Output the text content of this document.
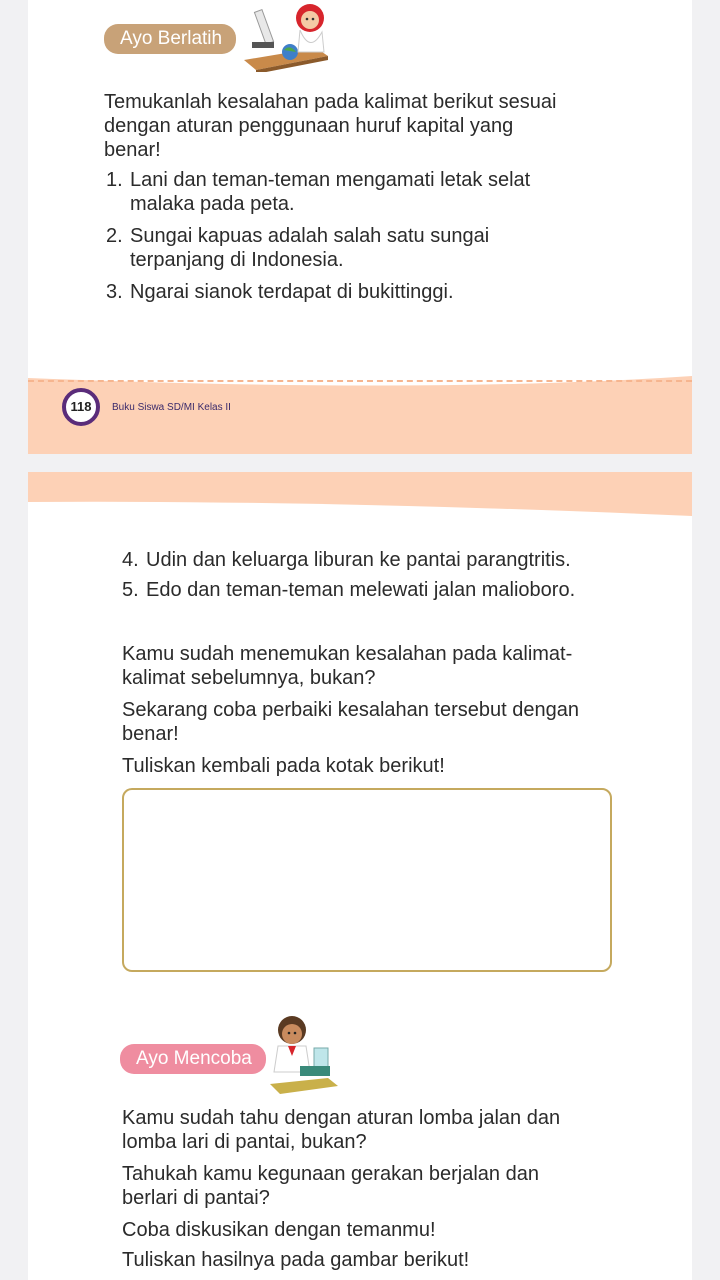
Ayo Berlatih
Temukanlah kesalahan pada kalimat berikut sesuai
dengan aturan penggunaan huruf kapital yang
benar!
1. Lani dan teman-teman mengamati letak selat
malaka pada peta.
2. Sungai kapuas adalah salah satu sungai
terpanjang di Indonesia.
3. Ngarai sianok terdapat di bukittinggi.
118	Buku Siswa SD/MI Kelas II
4. Udin dan keluarga liburan ke pantai parangtritis.
5. Edo dan teman-teman melewati jalan malioboro.
Kamu sudah menemukan kesalahan pada kalimat-
kalimat sebelumnya, bukan?
Sekarang coba perbaiki kesalahan tersebut dengan
benar!
Tuliskan kembali pada kotak berikut!
Ayo Mencoba
Kamu sudah tahu dengan aturan lomba jalan dan
lomba lari di pantai, bukan?
Tahukah kamu kegunaan gerakan berjalan dan
berlari di pantai?
Coba diskusikan dengan temanmu!
Tuliskan hasilnya pada gambar berikut!
